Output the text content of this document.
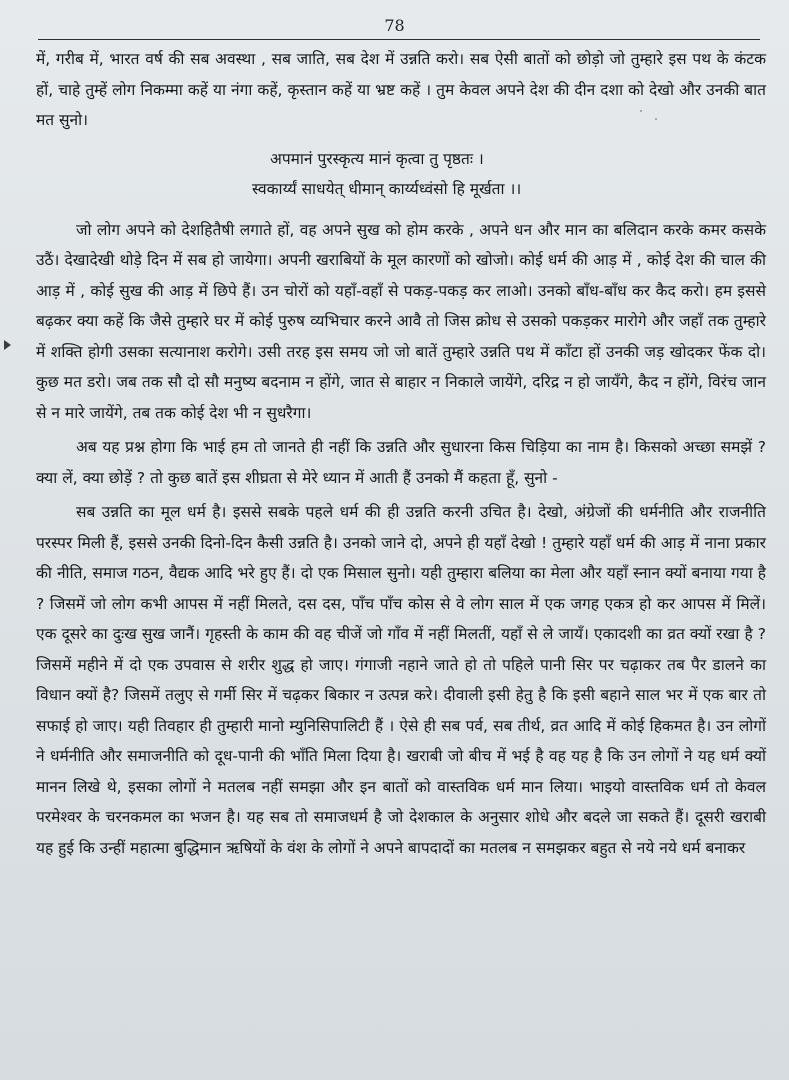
78

में, गरीब में, भारत वर्ष की सब अवस्था , सब जाति, सब देश में उन्नति करो। सब ऐसी बातों को छोड़ो जो तुम्हारे इस पथ के कंटक हों, चाहे तुम्हें लोग निकम्मा कहें या नंगा कहें, कृस्तान कहें या भ्रष्ट कहें । तुम केवल अपने देश की दीन दशा को देखो और उनकी बात मत सुनो।

अपमानं पुरस्कृत्य मानं कृत्वा तु पृष्ठतः ।
स्वकार्य्यं साधयेत् धीमान् कार्य्यध्वंसो हि मूर्खता ।।

जो लोग अपने को देशहितैषी लगाते हों, वह अपने सुख को होम करके , अपने धन और मान का बलिदान करके कमर कसके उठैं। देखादेखी थोड़े दिन में सब हो जायेगा। अपनी खराबियों के मूल कारणों को खोजो। कोई धर्म की आड़ में , कोई देश की चाल की आड़ में , कोई सुख की आड़ में छिपे हैं। उन चोरों को यहाँ-वहाँ से पकड़-पकड़ कर लाओ। उनको बाँध-बाँध कर कैद करो। हम इससे बढ़कर क्या कहें कि जैसे तुम्हारे घर में कोई पुरुष व्यभिचार करने आवै तो जिस क्रोध से उसको पकड़कर मारोगे और जहाँ तक तुम्हारे में शक्ति होगी उसका सत्यानाश करोगे। उसी तरह इस समय जो जो बातें तुम्हारे उन्नति पथ में काँटा हों उनकी जड़ खोदकर फेंक दो। कुछ मत डरो। जब तक सौ दो सौ मनुष्य बदनाम न होंगे, जात से बाहार न निकाले जायेंगे, दरिद्र न हो जायँगे, कैद न होंगे, विरंच जान से न मारे जायेंगे, तब तक कोई देश भी न सुधरैगा।

अब यह प्रश्न होगा कि भाई हम तो जानते ही नहीं कि उन्नति और सुधारना किस चिड़िया का नाम है। किसको अच्छा समझें ? क्या लें, क्या छोड़ें ? तो कुछ बातें इस शीघ्रता से मेरे ध्यान में आती हैं उनको मैं कहता हूँ, सुनो -

सब उन्नति का मूल धर्म है। इससे सबके पहले धर्म की ही उन्नति करनी उचित है। देखो, अंग्रेजों की धर्मनीति और राजनीति परस्पर मिली हैं, इससे उनकी दिनो-दिन कैसी उन्नति है। उनको जाने दो, अपने ही यहाँ देखो ! तुम्हारे यहाँ धर्म की आड़ में नाना प्रकार की नीति, समाज गठन, वैद्यक आदि भरे हुए हैं। दो एक मिसाल सुनो। यही तुम्हारा बलिया का मेला और यहाँ स्नान क्यों बनाया गया है ? जिसमें जो लोग कभी आपस में नहीं मिलते, दस दस, पाँच पाँच कोस से वे लोग साल में एक जगह एकत्र हो कर आपस में मिलें। एक दूसरे का दुःख सुख जानैं। गृहस्ती के काम की वह चीजें जो गाँव में नहीं मिलतीं, यहाँ से ले जायँ। एकादशी का व्रत क्यों रखा है ? जिसमें महीने में दो एक उपवास से शरीर शुद्ध हो जाए। गंगाजी नहाने जाते हो तो पहिले पानी सिर पर चढ़ाकर तब पैर डालने का विधान क्यों है? जिसमें तलुए से गर्मी सिर में चढ़कर बिकार न उत्पन्न करे। दीवाली इसी हेतु है कि इसी बहाने साल भर में एक बार तो सफाई हो जाए। यही तिवहार ही तुम्हारी मानो म्युनिसिपालिटी हैं । ऐसे ही सब पर्व, सब तीर्थ, व्रत आदि में कोई हिकमत है। उन लोगों ने धर्मनीति और समाजनीति को दूध-पानी की भाँति मिला दिया है। खराबी जो बीच में भई है वह यह है कि उन लोगों ने यह धर्म क्यों मानन लिखे थे, इसका लोगों ने मतलब नहीं समझा और इन बातों को वास्तविक धर्म मान लिया। भाइयो वास्तविक धर्म तो केवल परमेश्वर के चरनकमल का भजन है। यह सब तो समाजधर्म है जो देशकाल के अनुसार शोधे और बदले जा सकते हैं। दूसरी खराबी यह हुई कि उन्हीं महात्मा बुद्धिमान ऋषियों के वंश के लोगों ने अपने बापदादों का मतलब न समझकर बहुत से नये नये धर्म बनाकर
